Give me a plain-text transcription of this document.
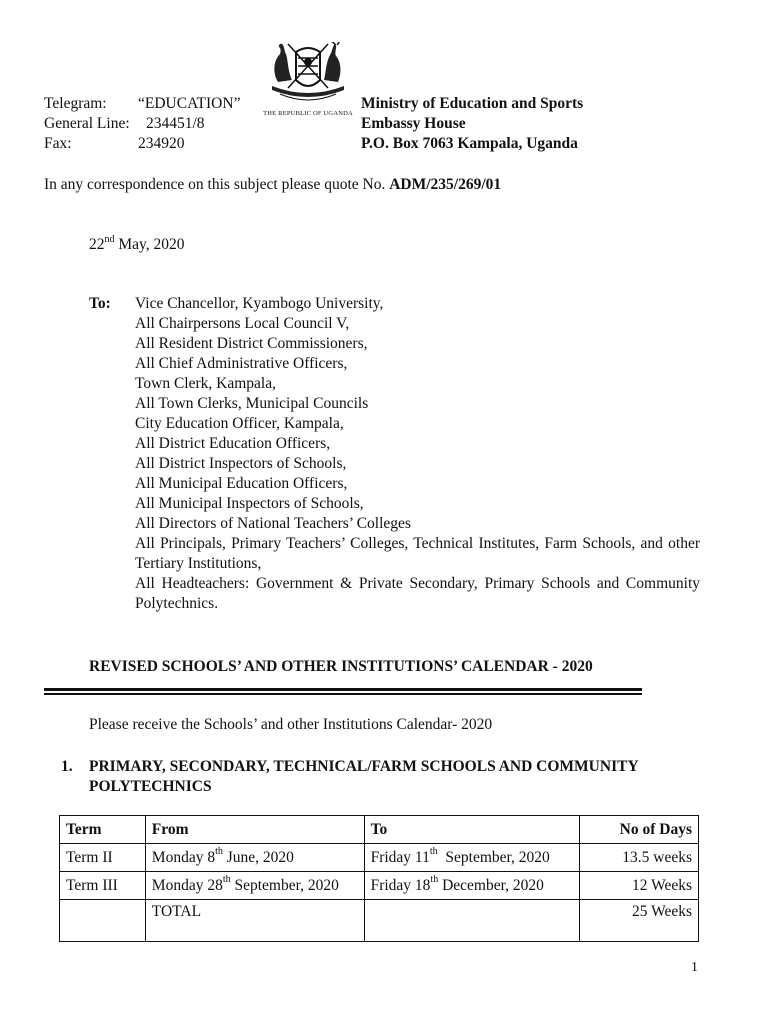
THE REPUBLIC OF UGANDA
Telegram: “EDUCATION”
General Line: 234451/8
Fax:	234920
Ministry of Education and Sports
Embassy House
P.O. Box 7063 Kampala, Uganda
In any correspondence on this subject please quote No. ADM/235/269/01
22nd May, 2020
To: Vice Chancellor, Kyambogo University,
All Chairpersons Local Council V,
All Resident District Commissioners,
All Chief Administrative Officers,
Town Clerk, Kampala,
All Town Clerks, Municipal Councils
City Education Officer, Kampala,
All District Education Officers,
All District Inspectors of Schools,
All Municipal Education Officers,
All Municipal Inspectors of Schools,
All Directors of National Teachers’ Colleges
All Principals, Primary Teachers’ Colleges, Technical Institutes, Farm Schools, and other Tertiary Institutions,
All Headteachers: Government & Private Secondary, Primary Schools and Community Polytechnics.
REVISED SCHOOLS’ AND OTHER INSTITUTIONS’ CALENDAR - 2020
Please receive the Schools’ and other Institutions Calendar- 2020
1. PRIMARY, SECONDARY, TECHNICAL/FARM SCHOOLS AND COMMUNITY
POLYTECHNICS
Term	From	To	No of Days
Term II	Monday 8th June, 2020	Friday 11th  September, 2020	13.5 weeks
Term III	Monday 28th September, 2020	Friday 18th December, 2020	12 Weeks
	TOTAL		25 Weeks
1
